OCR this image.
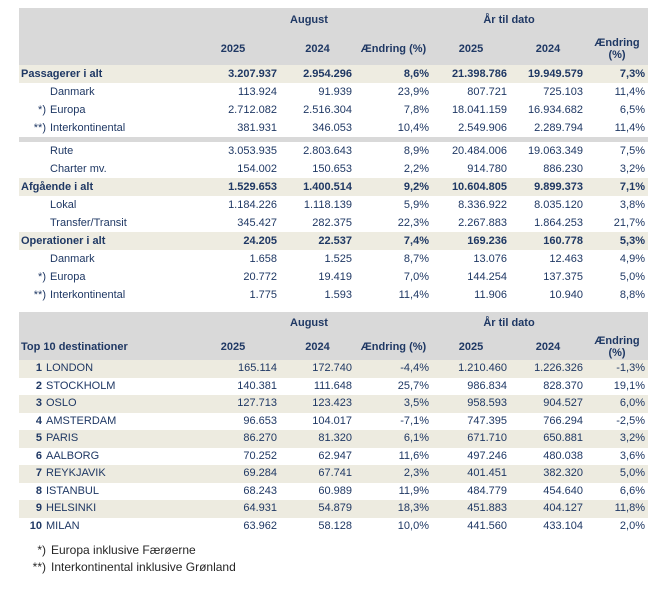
August	År til dato
2025	2024	Ændring (%)	2025	2024	Ændring (%)
Passagerer i alt	3.207.937	2.954.296	8,6%	21.398.786	19.949.579	7,3%
Danmark	113.924	91.939	23,9%	807.721	725.103	11,4%
*) Europa	2.712.082	2.516.304	7,8%	18.041.159	16.934.682	6,5%
**) Interkontinental	381.931	346.053	10,4%	2.549.906	2.289.794	11,4%
Rute	3.053.935	2.803.643	8,9%	20.484.006	19.063.349	7,5%
Charter mv.	154.002	150.653	2,2%	914.780	886.230	3,2%
Afgående i alt	1.529.653	1.400.514	9,2%	10.604.805	9.899.373	7,1%
Lokal	1.184.226	1.118.139	5,9%	8.336.922	8.035.120	3,8%
Transfer/Transit	345.427	282.375	22,3%	2.267.883	1.864.253	21,7%
Operationer i alt	24.205	22.537	7,4%	169.236	160.778	5,3%
Danmark	1.658	1.525	8,7%	13.076	12.463	4,9%
*) Europa	20.772	19.419	7,0%	144.254	137.375	5,0%
**) Interkontinental	1.775	1.593	11,4%	11.906	10.940	8,8%
August	År til dato
Top 10 destinationer	2025	2024	Ændring (%)	2025	2024	Ændring (%)
1 LONDON	165.114	172.740	-4,4%	1.210.460	1.226.326	-1,3%
2 STOCKHOLM	140.381	111.648	25,7%	986.834	828.370	19,1%
3 OSLO	127.713	123.423	3,5%	958.593	904.527	6,0%
4 AMSTERDAM	96.653	104.017	-7,1%	747.395	766.294	-2,5%
5 PARIS	86.270	81.320	6,1%	671.710	650.881	3,2%
6 AALBORG	70.252	62.947	11,6%	497.246	480.038	3,6%
7 REYKJAVIK	69.284	67.741	2,3%	401.451	382.320	5,0%
8 ISTANBUL	68.243	60.989	11,9%	484.779	454.640	6,6%
9 HELSINKI	64.931	54.879	18,3%	451.883	404.127	11,8%
10 MILAN	63.962	58.128	10,0%	441.560	433.104	2,0%
*) Europa inklusive Færøerne
**) Interkontinental inklusive Grønland
